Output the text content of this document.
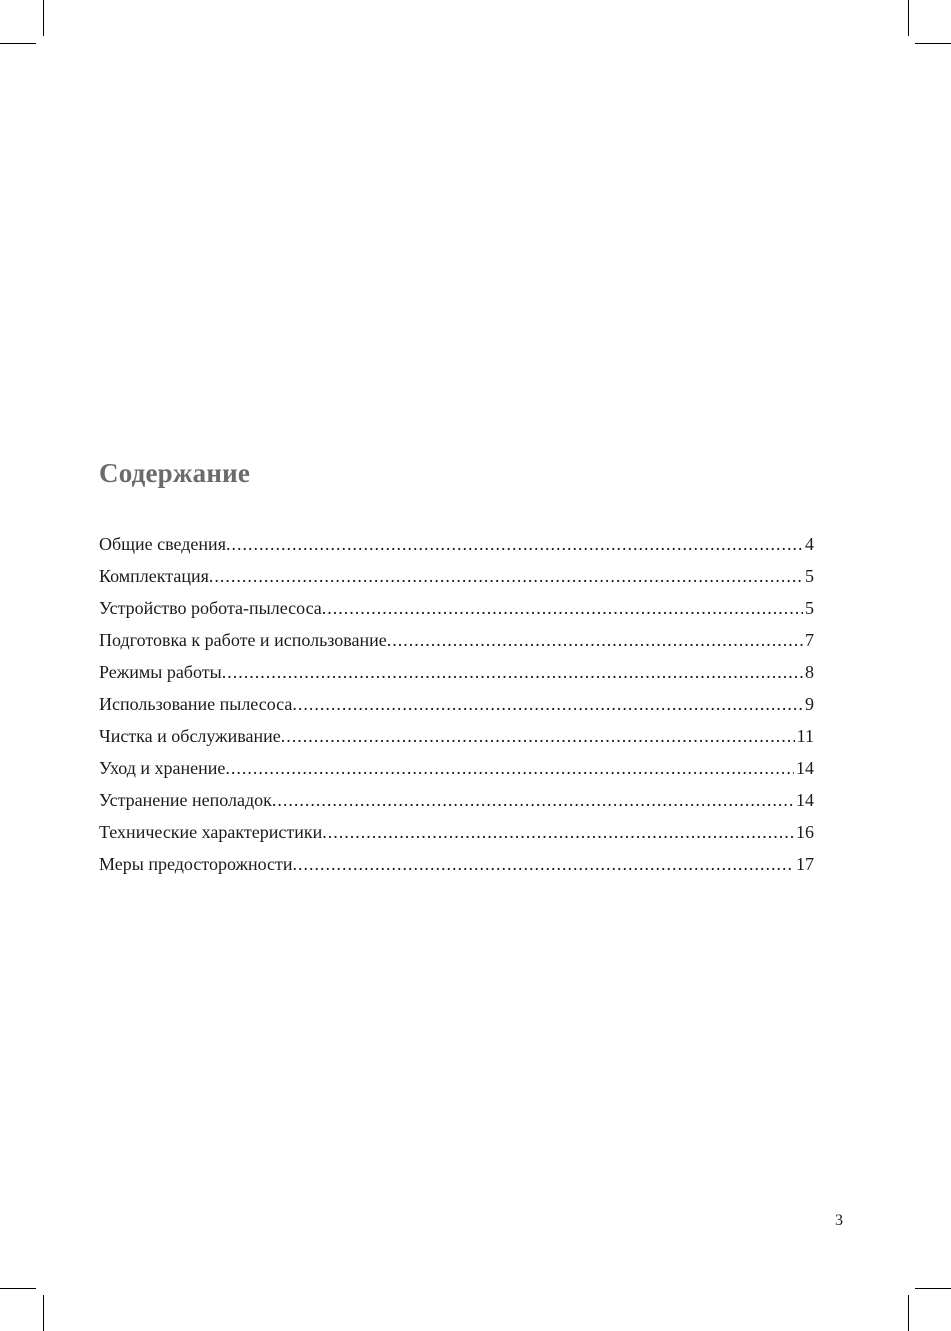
Содержание
Общие сведения .....	4
Комплектация .....	5
Устройство робота-пылесоса .....	5
Подготовка к работе и использование .....	7
Режимы работы .....	8
Использование пылесоса .....	9
Чистка и обслуживание .....	11
Уход и хранение .....	14
Устранение неполадок .....	14
Технические характеристики .....	16
Меры предосторожности .....	17
3
